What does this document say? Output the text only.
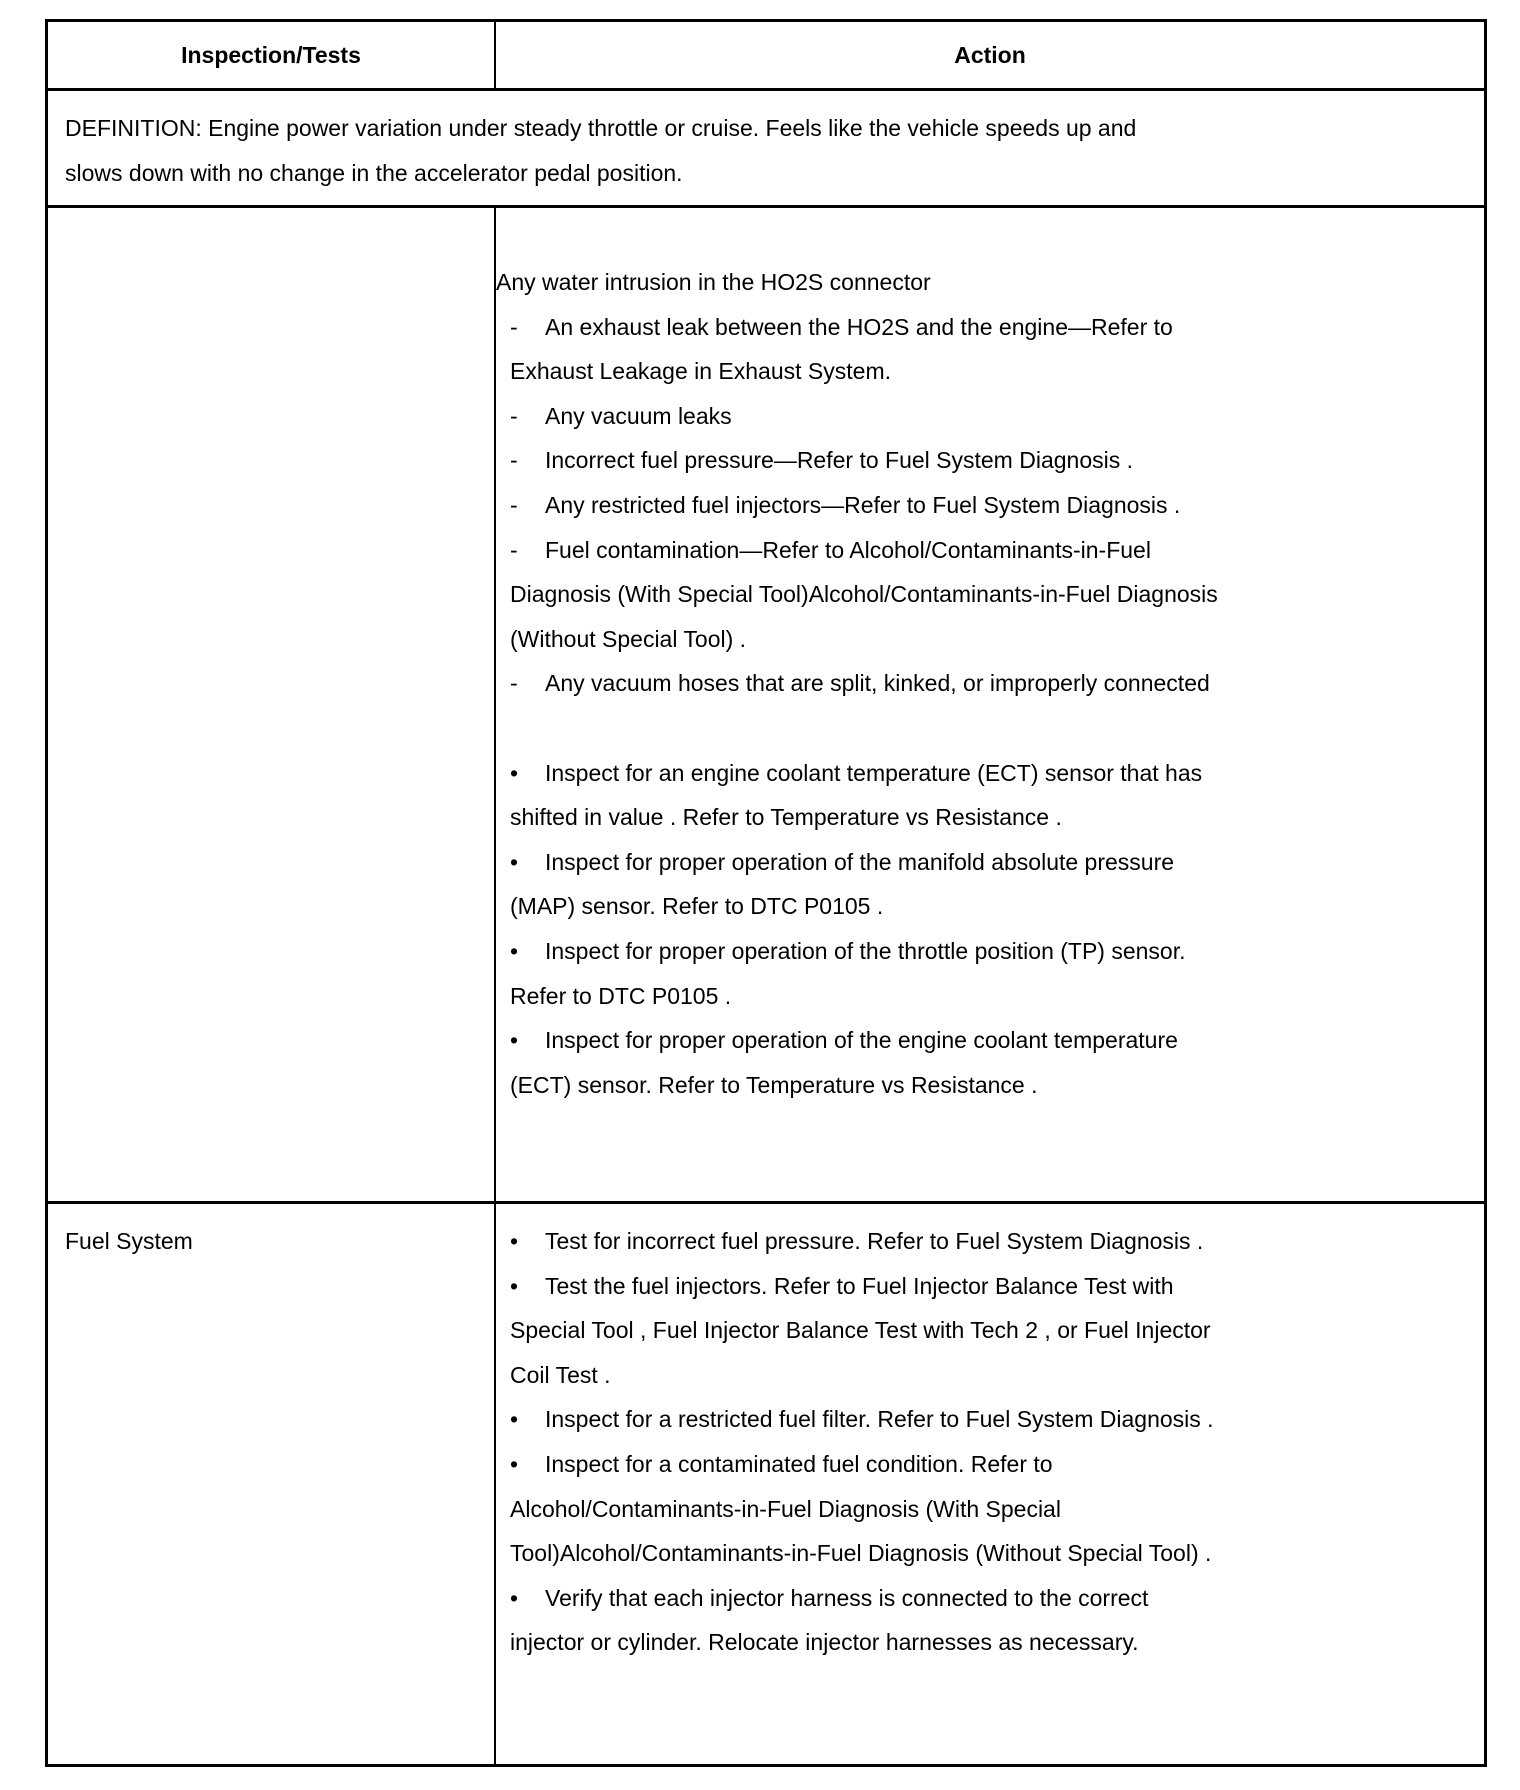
Inspection/Tests	Action
DEFINITION: Engine power variation under steady throttle or cruise. Feels like the vehicle speeds up and
slows down with no change in the accelerator pedal position.
Any water intrusion in the HO2S connector
- An exhaust leak between the HO2S and the engine—Refer to
Exhaust Leakage in Exhaust System.
- Any vacuum leaks
- Incorrect fuel pressure—Refer to Fuel System Diagnosis .
- Any restricted fuel injectors—Refer to Fuel System Diagnosis .
- Fuel contamination—Refer to Alcohol/Contaminants-in-Fuel
Diagnosis (With Special Tool)Alcohol/Contaminants-in-Fuel Diagnosis
(Without Special Tool) .
- Any vacuum hoses that are split, kinked, or improperly connected
• Inspect for an engine coolant temperature (ECT) sensor that has
shifted in value . Refer to Temperature vs Resistance .
• Inspect for proper operation of the manifold absolute pressure
(MAP) sensor. Refer to DTC P0105 .
• Inspect for proper operation of the throttle position (TP) sensor.
Refer to DTC P0105 .
• Inspect for proper operation of the engine coolant temperature
(ECT) sensor. Refer to Temperature vs Resistance .
Fuel System	• Test for incorrect fuel pressure. Refer to Fuel System Diagnosis .
• Test the fuel injectors. Refer to Fuel Injector Balance Test with
Special Tool , Fuel Injector Balance Test with Tech 2 , or Fuel Injector
Coil Test .
• Inspect for a restricted fuel filter. Refer to Fuel System Diagnosis .
• Inspect for a contaminated fuel condition. Refer to
Alcohol/Contaminants-in-Fuel Diagnosis (With Special
Tool)Alcohol/Contaminants-in-Fuel Diagnosis (Without Special Tool) .
• Verify that each injector harness is connected to the correct
injector or cylinder. Relocate injector harnesses as necessary.
